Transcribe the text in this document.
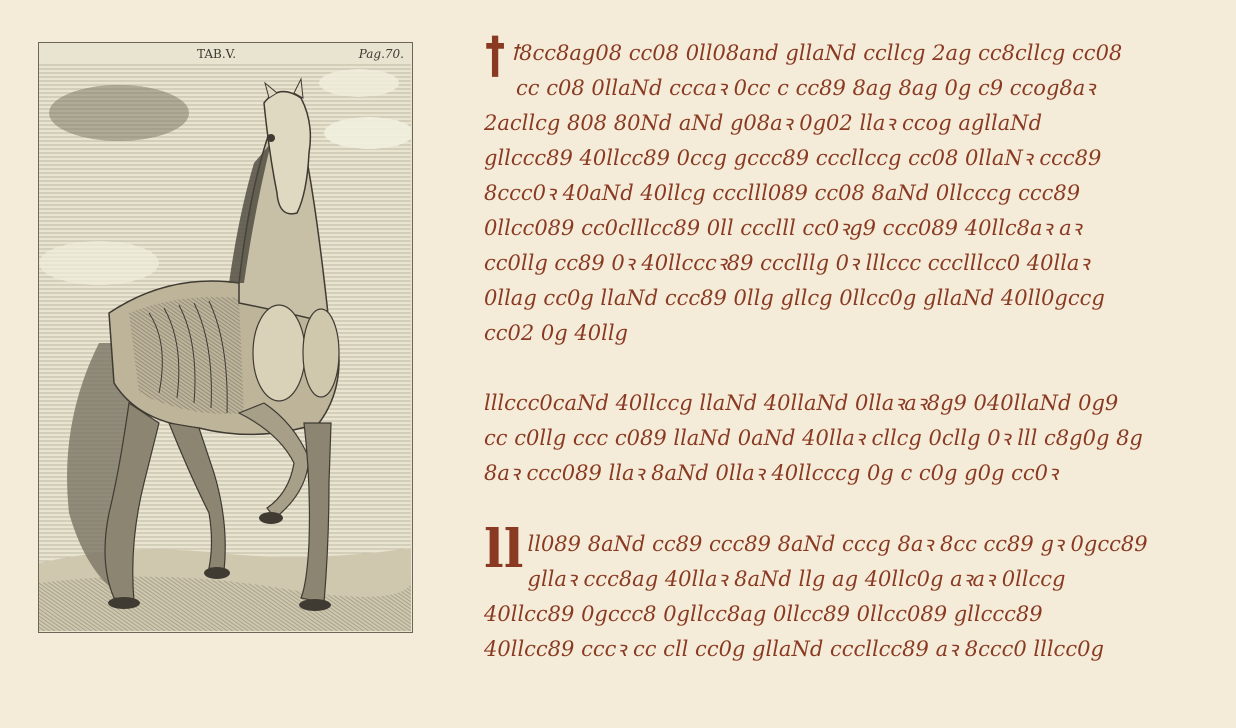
TAB.V.	Pag.70. ꝉ ꝉ8cc8ag08 cc08 0ll08and gllaNd ccllcg 2ag cc8cllcg cc08

cc c08 0llaNd cccaꝛ 0cc c cc89 8ag 8ag 0g c9 ccog8aꝛ

2acllcg 808 80Nd aNd g08aꝛ 0g02 llaꝛ ccog agllaNd

gllccc89 40llcc89 0ccg gccc89 cccllccg cc08 0llaNꝛ ccc89

8ccc0ꝛ 40aNd 40llcg ccclll089 cc08 8aNd 0llcccg ccc89

0llcc089 cc0clllcc89 0ll ccclll cc0ꝛg9 ccc089 40llc8aꝛ aꝛ

cc0llg cc89 0ꝛ 40llcccꝛ89 ccclllg 0ꝛ lllccc ccclllcc0 40llaꝛ

0llag cc0g llaNd ccc89 0llg gllcg 0llcc0g gllaNd 40ll0gccg

cc02 0g 40llg

lllccc0caNd 40llccg llaNd 40llaNd 0llaꝛaꝛ8g9 040llaNd 0g9

cc c0llg ccc c089 llaNd 0aNd 40llaꝛ cllcg 0cllg 0ꝛ lll c8g0g 8g

8aꝛ ccc089 llaꝛ 8aNd 0llaꝛ 40llcccg 0g c c0g g0g cc0ꝛ

ll ll089 8aNd cc89 ccc89 8aNd cccg 8aꝛ 8cc cc89 gꝛ 0gcc89

gllaꝛ ccc8ag 40llaꝛ 8aNd llg ag 40llc0g aꝛaꝛ 0llccg

40llcc89 0gccc8 0gllcc8ag 0llcc89 0llcc089 gllccc89

40llcc89 cccꝛ cc cll cc0g gllaNd cccllcc89 aꝛ 8ccc0 lllcc0g
